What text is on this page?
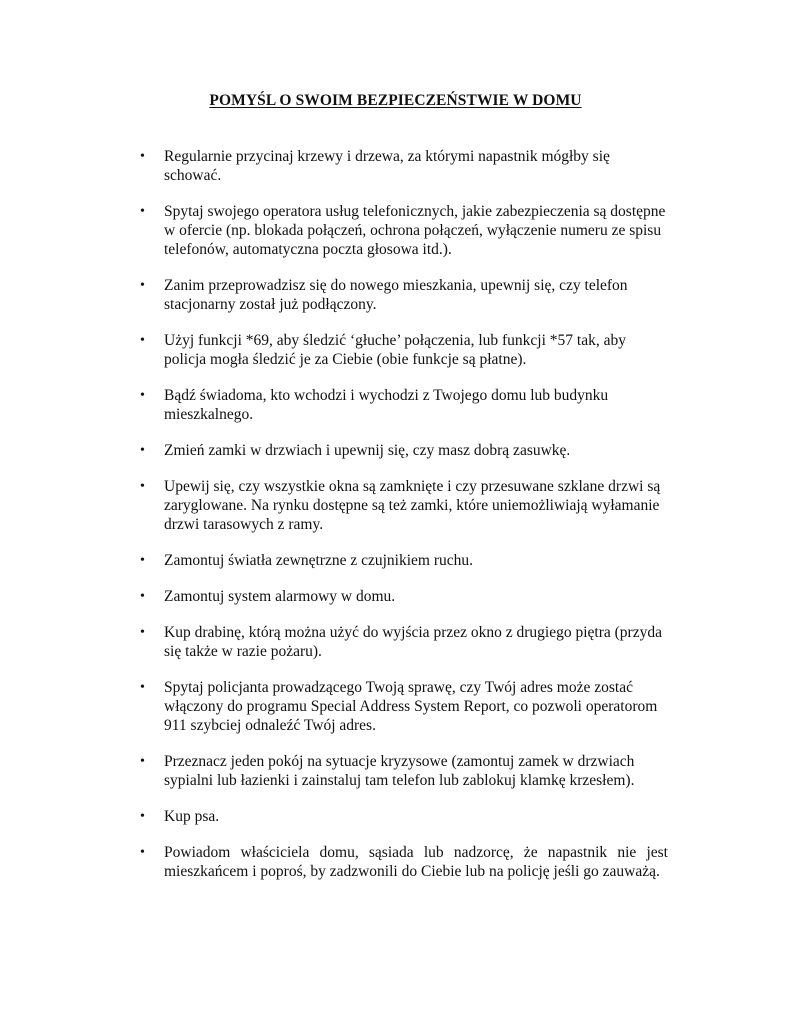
POMYŚL O SWOIM BEZPIECZEŃSTWIE W DOMU
•	Regularnie przycinaj krzewy i drzewa, za którymi napastnik mógłby się schować.
•	Spytaj swojego operatora usług telefonicznych, jakie zabezpieczenia są dostępne w ofercie (np. blokada połączeń, ochrona połączeń, wyłączenie numeru ze spisu telefonów, automatyczna poczta głosowa itd.).
•	Zanim przeprowadzisz się do nowego mieszkania, upewnij się, czy telefon stacjonarny został już podłączony.
•	Użyj funkcji *69, aby śledzić ‘głuche’ połączenia, lub funkcji *57 tak, aby policja mogła śledzić je za Ciebie (obie funkcje są płatne).
•	Bądź świadoma, kto wchodzi i wychodzi z Twojego domu lub budynku mieszkalnego.
•	Zmień zamki w drzwiach i upewnij się, czy masz dobrą zasuwkę.
•	Upewij się, czy wszystkie okna są zamknięte i czy przesuwane szklane drzwi są zaryglowane. Na rynku dostępne są też zamki, które uniemożliwiają wyłamanie drzwi tarasowych z ramy.
•	Zamontuj światła zewnętrzne z czujnikiem ruchu.
•	Zamontuj system alarmowy w domu.
•	Kup drabinę, którą można użyć do wyjścia przez okno z drugiego piętra (przyda się także w razie pożaru).
•	Spytaj policjanta prowadzącego Twoją sprawę, czy Twój adres może zostać włączony do programu Special Address System Report, co pozwoli operatorom 911 szybciej odnaleźć Twój adres.
•	Przeznacz jeden pokój na sytuacje kryzysowe (zamontuj zamek w drzwiach sypialni lub łazienki i zainstaluj tam telefon lub zablokuj klamkę krzesłem).
•	Kup psa.
•	Powiadom właściciela domu, sąsiada lub nadzorcę, że napastnik nie jest mieszkańcem i poproś, by zadzwonili do Ciebie lub na policję jeśli go zauważą.
